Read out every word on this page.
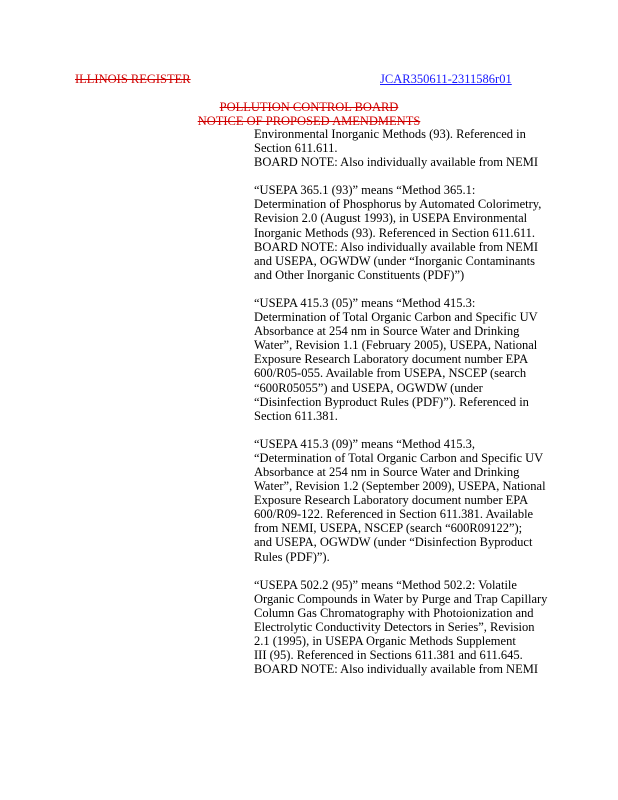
ILLINOIS REGISTER	JCAR350611-2311586r01
POLLUTION CONTROL BOARD
NOTICE OF PROPOSED AMENDMENTS
Environmental Inorganic Methods (93). Referenced in
Section 611.611.
BOARD NOTE: Also individually available from NEMI
“USEPA 365.1 (93)” means “Method 365.1:
Determination of Phosphorus by Automated Colorimetry,
Revision 2.0 (August 1993), in USEPA Environmental
Inorganic Methods (93). Referenced in Section 611.611.
BOARD NOTE: Also individually available from NEMI
and USEPA, OGWDW (under “Inorganic Contaminants
and Other Inorganic Constituents (PDF)”)
“USEPA 415.3 (05)” means “Method 415.3:
Determination of Total Organic Carbon and Specific UV
Absorbance at 254 nm in Source Water and Drinking
Water”, Revision 1.1 (February 2005), USEPA, National
Exposure Research Laboratory document number EPA
600/R05-055. Available from USEPA, NSCEP (search
“600R05055”) and USEPA, OGWDW (under
“Disinfection Byproduct Rules (PDF)”). Referenced in
Section 611.381.
“USEPA 415.3 (09)” means “Method 415.3,
“Determination of Total Organic Carbon and Specific UV
Absorbance at 254 nm in Source Water and Drinking
Water”, Revision 1.2 (September 2009), USEPA, National
Exposure Research Laboratory document number EPA
600/R09-122. Referenced in Section 611.381. Available
from NEMI, USEPA, NSCEP (search “600R09122”);
and USEPA, OGWDW (under “Disinfection Byproduct
Rules (PDF)”).
“USEPA 502.2 (95)” means “Method 502.2: Volatile
Organic Compounds in Water by Purge and Trap Capillary
Column Gas Chromatography with Photoionization and
Electrolytic Conductivity Detectors in Series”, Revision
2.1 (1995), in USEPA Organic Methods Supplement
III (95). Referenced in Sections 611.381 and 611.645.
BOARD NOTE: Also individually available from NEMI
